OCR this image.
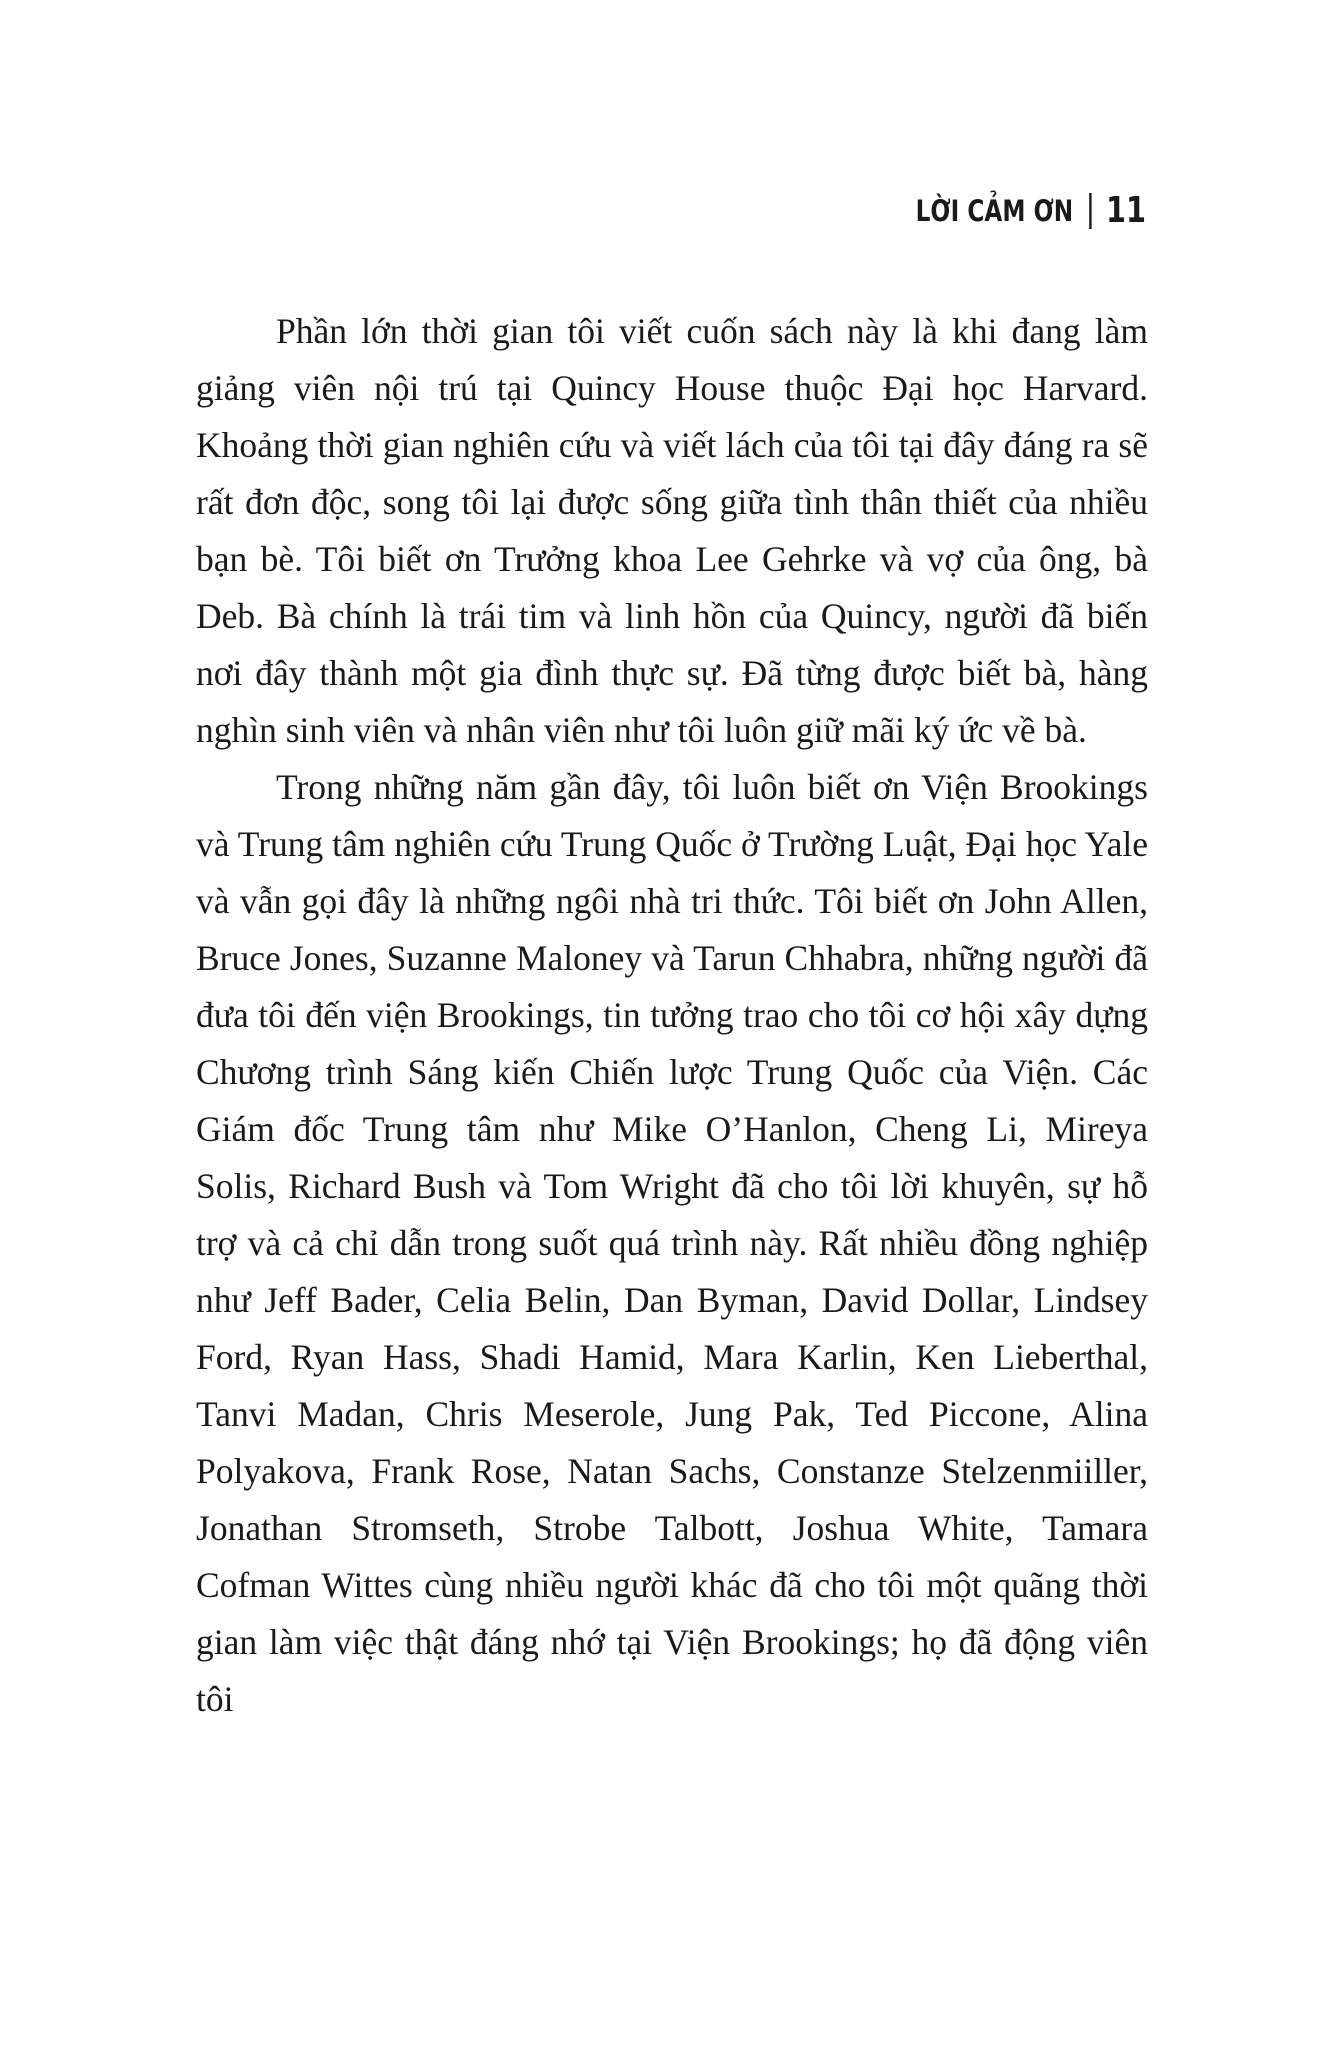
LỜI CẢM ƠN 11

Phần lớn thời gian tôi viết cuốn sách này là khi đang làm giảng viên nội trú tại Quincy House thuộc Đại học Harvard. Khoảng thời gian nghiên cứu và viết lách của tôi tại đây đáng ra sẽ rất đơn độc, song tôi lại được sống giữa tình thân thiết của nhiều bạn bè. Tôi biết ơn Trưởng khoa Lee Gehrke và vợ của ông, bà Deb. Bà chính là trái tim và linh hồn của Quincy, người đã biến nơi đây thành một gia đình thực sự. Đã từng được biết bà, hàng nghìn sinh viên và nhân viên như tôi luôn giữ mãi ký ức về bà.

Trong những năm gần đây, tôi luôn biết ơn Viện Brookings và Trung tâm nghiên cứu Trung Quốc ở Trường Luật, Đại học Yale và vẫn gọi đây là những ngôi nhà tri thức. Tôi biết ơn John Allen, Bruce Jones, Suzanne Maloney và Tarun Chhabra, những người đã đưa tôi đến viện Brookings, tin tưởng trao cho tôi cơ hội xây dựng Chương trình Sáng kiến Chiến lược Trung Quốc của Viện. Các Giám đốc Trung tâm như Mike O’Hanlon, Cheng Li, Mireya Solis, Richard Bush và Tom Wright đã cho tôi lời khuyên, sự hỗ trợ và cả chỉ dẫn trong suốt quá trình này. Rất nhiều đồng nghiệp như Jeff Bader, Celia Belin, Dan Byman, David Dollar, Lindsey Ford, Ryan Hass, Shadi Hamid, Mara Karlin, Ken Lieberthal, Tanvi Madan, Chris Meserole, Jung Pak, Ted Piccone, Alina Polyakova, Frank Rose, Natan Sachs, Constanze Stelzenmiiller, Jonathan Stromseth, Strobe Talbott, Joshua White, Tamara Cofman Wittes cùng nhiều người khác đã cho tôi một quãng thời gian làm việc thật đáng nhớ tại Viện Brookings; họ đã động viên tôi
